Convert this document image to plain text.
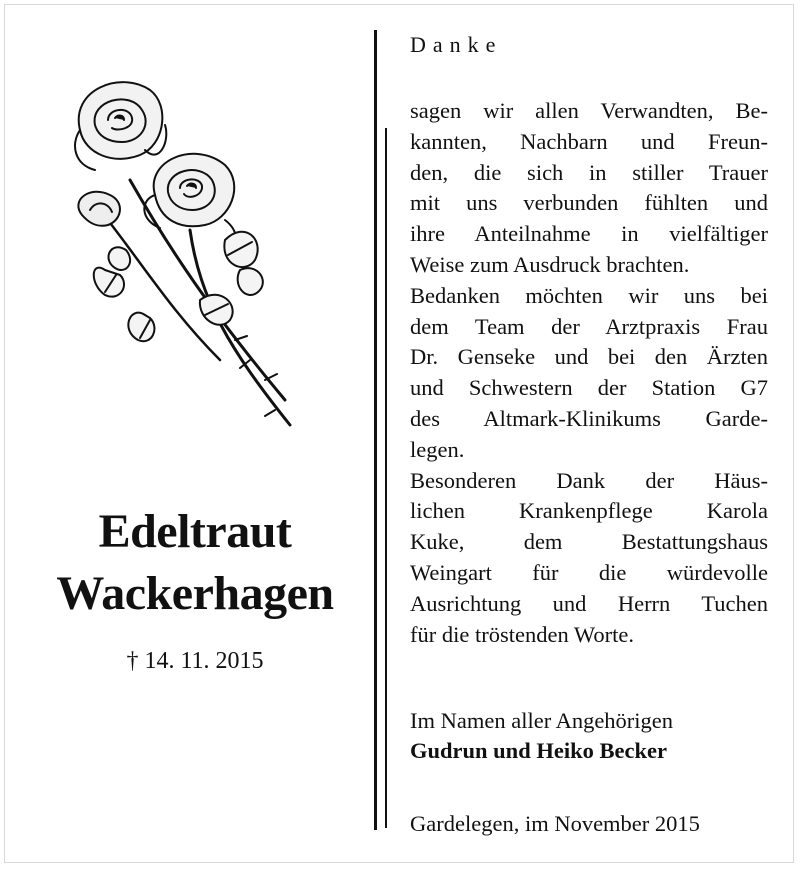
Edeltraut
Wackerhagen
† 14. 11. 2015
Danke
sagen wir allen Verwandten, Be-
kannten, Nachbarn und Freun-
den, die sich in stiller Trauer
mit uns verbunden fühlten und
ihre Anteilnahme in vielfältiger
Weise zum Ausdruck brachten.
Bedanken möchten wir uns bei
dem Team der Arztpraxis Frau
Dr. Genseke und bei den Ärzten
und Schwestern der Station G7
des Altmark-Klinikums Garde-
legen.
Besonderen Dank der Häus-
lichen Krankenpflege Karola
Kuke, dem Bestattungshaus
Weingart für die würdevolle
Ausrichtung und Herrn Tuchen
für die tröstenden Worte.
Im Namen aller Angehörigen
Gudrun und Heiko Becker
Gardelegen, im November 2015
